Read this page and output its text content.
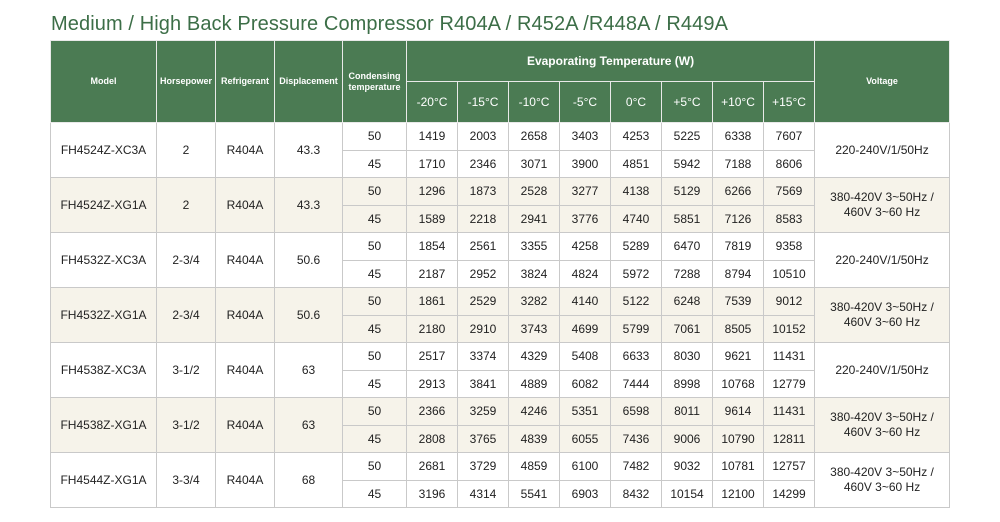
Medium / High Back Pressure Compressor R404A / R452A /R448A / R449A
Model	Horsepower	Refrigerant	Displacement	Condensing temperature	Evaporating Temperature (W)								Voltage
					-20°C	-15°C	-10°C	-5°C	0°C	+5°C	+10°C	+15°C	
FH4524Z-XC3A	2	R404A	43.3	50	1419	2003	2658	3403	4253	5225	6338	7607	220-240V/1/50Hz
				45	1710	2346	3071	3900	4851	5942	7188	8606	
FH4524Z-XG1A	2	R404A	43.3	50	1296	1873	2528	3277	4138	5129	6266	7569	380-420V 3~50Hz / 460V 3~60 Hz
				45	1589	2218	2941	3776	4740	5851	7126	8583	
FH4532Z-XC3A	2-3/4	R404A	50.6	50	1854	2561	3355	4258	5289	6470	7819	9358	220-240V/1/50Hz
				45	2187	2952	3824	4824	5972	7288	8794	10510	
FH4532Z-XG1A	2-3/4	R404A	50.6	50	1861	2529	3282	4140	5122	6248	7539	9012	380-420V 3~50Hz / 460V 3~60 Hz
				45	2180	2910	3743	4699	5799	7061	8505	10152	
FH4538Z-XC3A	3-1/2	R404A	63	50	2517	3374	4329	5408	6633	8030	9621	11431	220-240V/1/50Hz
				45	2913	3841	4889	6082	7444	8998	10768	12779	
FH4538Z-XG1A	3-1/2	R404A	63	50	2366	3259	4246	5351	6598	8011	9614	11431	380-420V 3~50Hz / 460V 3~60 Hz
				45	2808	3765	4839	6055	7436	9006	10790	12811	
FH4544Z-XG1A	3-3/4	R404A	68	50	2681	3729	4859	6100	7482	9032	10781	12757	380-420V 3~50Hz / 460V 3~60 Hz
				45	3196	4314	5541	6903	8432	10154	12100	14299	
